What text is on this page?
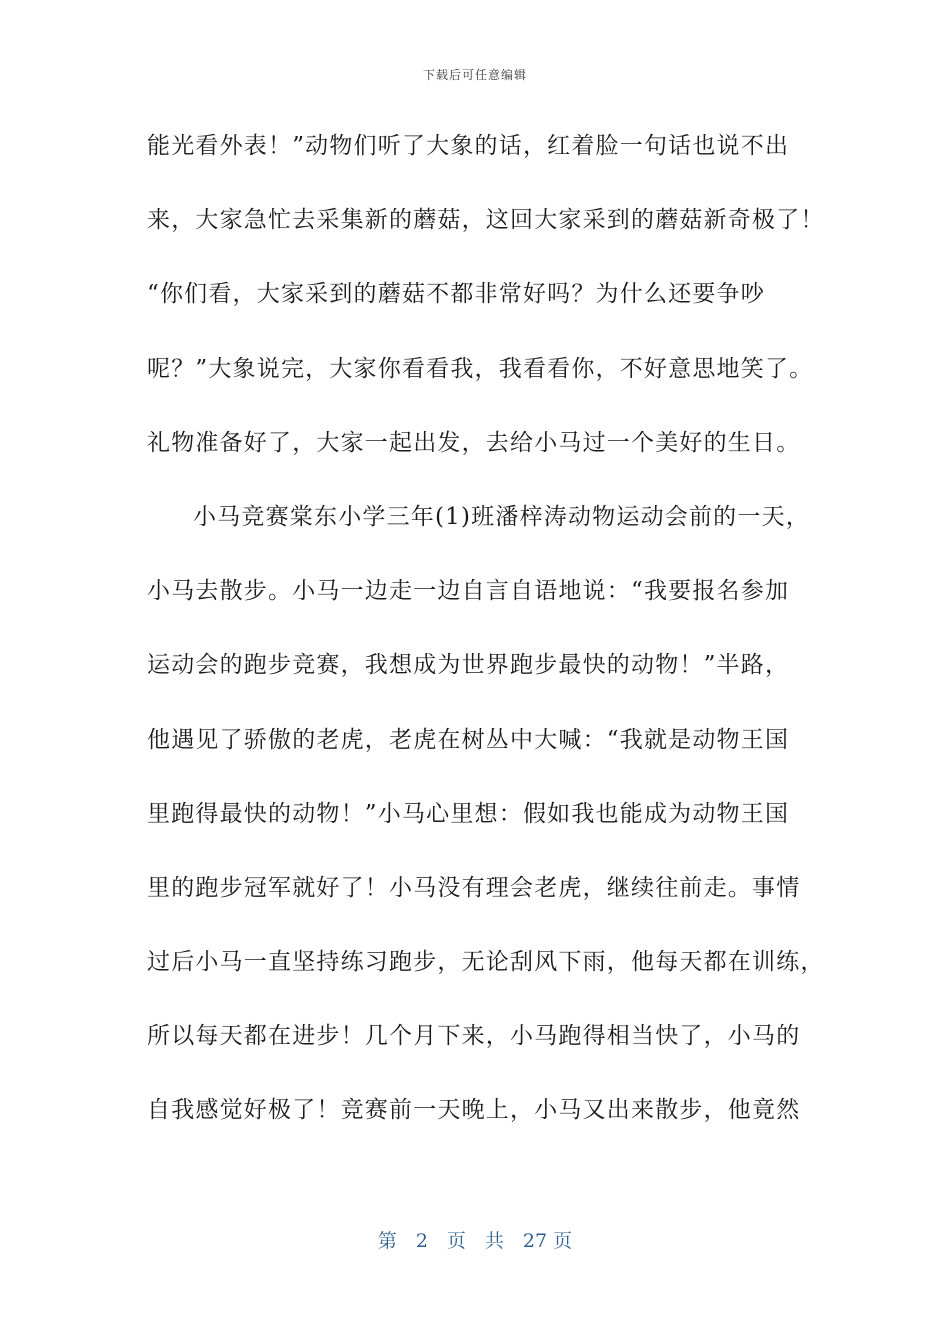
下载后可任意编辑
能光看外表！”动物们听了大象的话，红着脸一句话也说不出
来，大家急忙去采集新的蘑菇，这回大家采到的蘑菇新奇极了！
“你们看，大家采到的蘑菇不都非常好吗？为什么还要争吵
呢？”大象说完，大家你看看我，我看看你，不好意思地笑了。
礼物准备好了，大家一起出发，去给小马过一个美好的生日。
小马竞赛棠东小学三年(1)班潘梓涛动物运动会前的一天，
小马去散步。小马一边走一边自言自语地说：“我要报名参加
运动会的跑步竞赛，我想成为世界跑步最快的动物！”半路，
他遇见了骄傲的老虎，老虎在树丛中大喊：“我就是动物王国
里跑得最快的动物！”小马心里想：假如我也能成为动物王国
里的跑步冠军就好了！小马没有理会老虎，继续往前走。事情
过后小马一直坚持练习跑步，无论刮风下雨，他每天都在训练，
所以每天都在进步！几个月下来，小马跑得相当快了，小马的
自我感觉好极了！竞赛前一天晚上，小马又出来散步，他竟然
第　2　页　共　27 页
